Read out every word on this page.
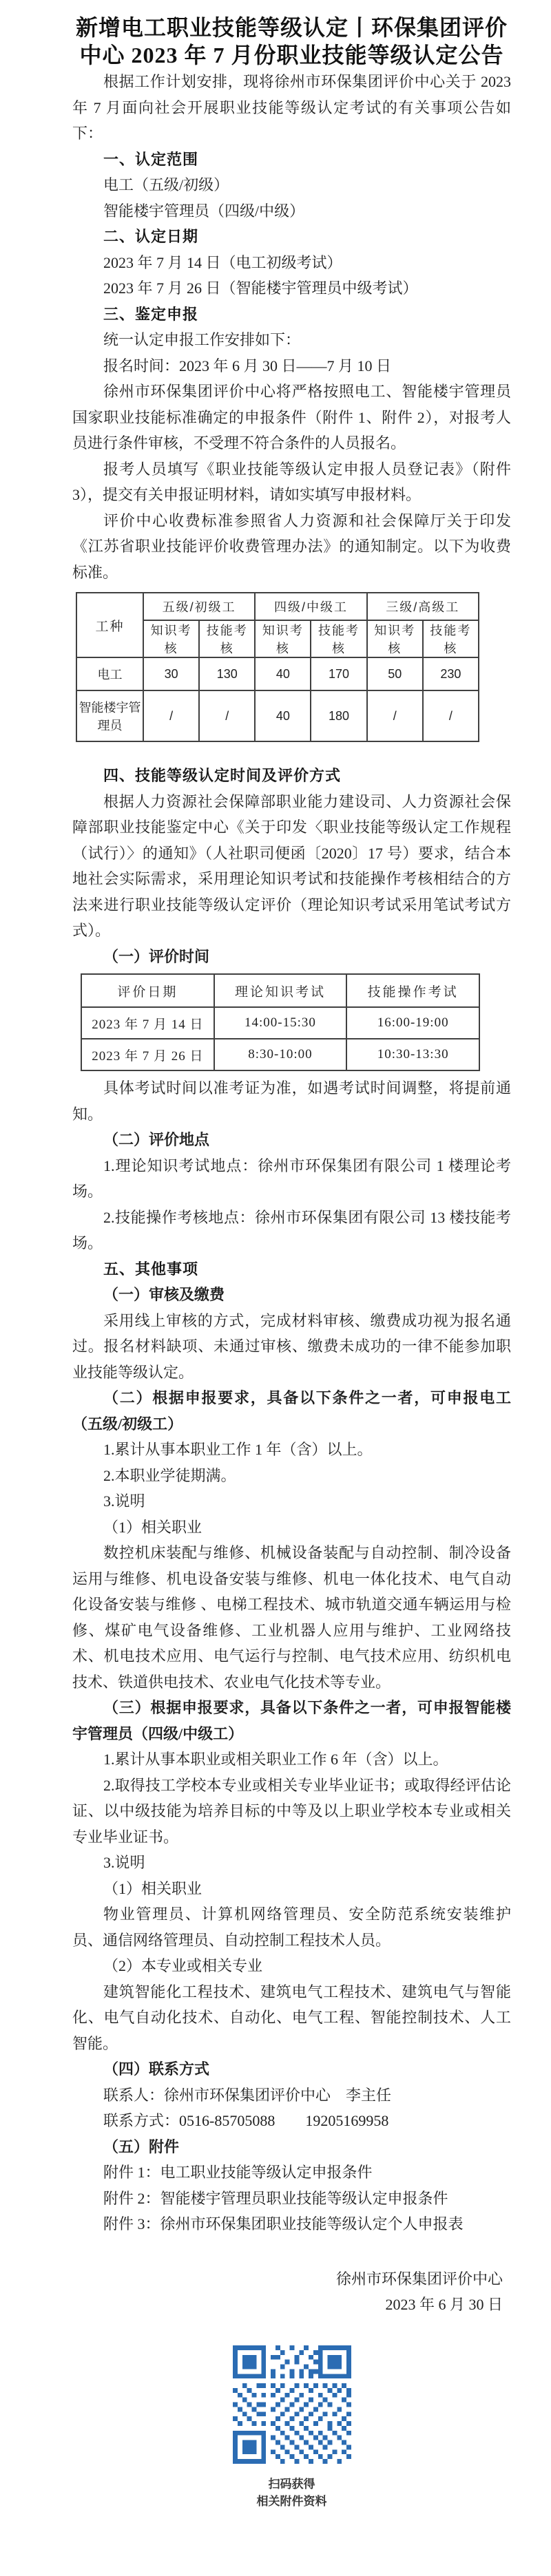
新增电工职业技能等级认定丨环保集团评价
中心 2023 年 7 月份职业技能等级认定公告

根据工作计划安排，现将徐州市环保集团评价中心关于 2023 年 7 月面向社会开展职业技能等级认定考试的有关事项公告如下：

一、认定范围

电工（五级/初级）

智能楼宇管理员（四级/中级）

二、认定日期

2023 年 7 月 14 日（电工初级考试）

2023 年 7 月 26 日（智能楼宇管理员中级考试）

三、鉴定申报

统一认定申报工作安排如下：

报名时间：2023 年 6 月 30 日——7 月 10 日

徐州市环保集团评价中心将严格按照电工、智能楼宇管理员国家职业技能标准确定的申报条件（附件 1、附件 2），对报考人员进行条件审核，不受理不符合条件的人员报名。

报考人员填写《职业技能等级认定申报人员登记表》（附件 3），提交有关申报证明材料，请如实填写申报材料。

评价中心收费标准参照省人力资源和社会保障厅关于印发《江苏省职业技能评价收费管理办法》的通知制定。以下为收费标准。

工种	五级/初级工		四级/中级工		三级/高级工	
	知识考核	技能考核	知识考核	技能考核	知识考核	技能考核
电工	30	130	40	170	50	230
智能楼宇管理员	/	/	40	180	/	/
四、技能等级认定时间及评价方式

根据人力资源社会保障部职业能力建设司、人力资源社会保障部职业技能鉴定中心《关于印发〈职业技能等级认定工作规程（试行）〉的通知》（人社职司便函〔2020〕17 号）要求，结合本地社会实际需求，采用理论知识考试和技能操作考核相结合的方法来进行职业技能等级认定评价（理论知识考试采用笔试考试方式）。

（一）评价时间

评价日期	理论知识考试	技能操作考试
2023 年 7 月 14 日	14:00-15:30	16:00-19:00
2023 年 7 月 26 日	8:30-10:00	10:30-13:30

具体考试时间以准考证为准，如遇考试时间调整，将提前通知。

（二）评价地点

1.理论知识考试地点：徐州市环保集团有限公司 1 楼理论考场。

2.技能操作考核地点：徐州市环保集团有限公司 13 楼技能考场。

五、其他事项

（一）审核及缴费

采用线上审核的方式，完成材料审核、缴费成功视为报名通过。报名材料缺项、未通过审核、缴费未成功的一律不能参加职业技能等级认定。

（二）根据申报要求，具备以下条件之一者，可申报电工（五级/初级工）

1.累计从事本职业工作 1 年（含）以上。

2.本职业学徒期满。

3.说明

（1）相关职业

数控机床装配与维修、机械设备装配与自动控制、制冷设备运用与维修、机电设备安装与维修、机电一体化技术、电气自动化设备安装与维修 、电梯工程技术、城市轨道交通车辆运用与检修、煤矿电气设备维修、工业机器人应用与维护、工业网络技术、机电技术应用、电气运行与控制、电气技术应用、纺织机电技术、铁道供电技术、农业电气化技术等专业。

（三）根据申报要求，具备以下条件之一者，可申报智能楼宇管理员（四级/中级工）

1.累计从事本职业或相关职业工作 6 年（含）以上。

2.取得技工学校本专业或相关专业毕业证书；或取得经评估论证、以中级技能为培养目标的中等及以上职业学校本专业或相关专业毕业证书。

3.说明

（1）相关职业

物业管理员、计算机网络管理员、安全防范系统安装维护员、通信网络管理员、自动控制工程技术人员。

（2）本专业或相关专业

建筑智能化工程技术、建筑电气工程技术、建筑电气与智能化、电气自动化技术、自动化、电气工程、智能控制技术、人工智能。

（四）联系方式

联系人：徐州市环保集团评价中心　李主任

联系方式：0516-85705088　　19205169958

（五）附件

附件 1：电工职业技能等级认定申报条件

附件 2：智能楼宇管理员职业技能等级认定申报条件

附件 3：徐州市环保集团职业技能等级认定个人申报表

徐州市环保集团评价中心
2023 年 6 月 30 日
扫码获得
相关附件资料
